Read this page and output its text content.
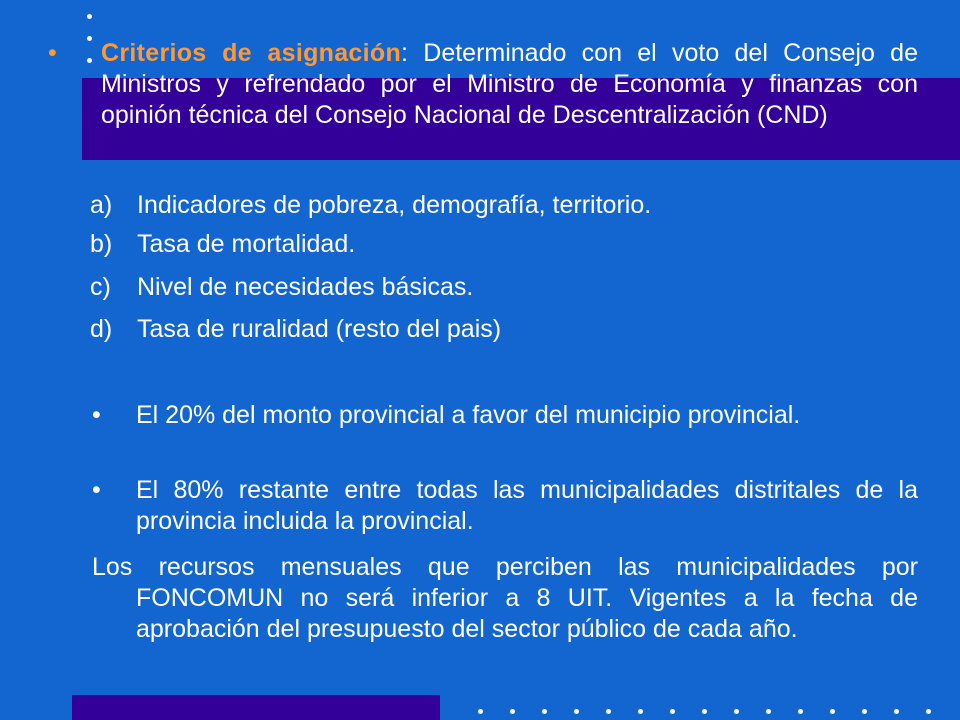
• Criterios de asignación: Determinado con el voto del Consejo de Ministros y refrendado por el Ministro de Economía y finanzas con opinión técnica del Consejo Nacional de Descentralización (CND)
a) Indicadores de pobreza, demografía, territorio.
b) Tasa de mortalidad.
c) Nivel de necesidades básicas.
d) Tasa de ruralidad (resto del pais)
• El 20% del monto provincial a favor del municipio provincial.
• El 80% restante entre todas las municipalidades distritales de la provincia incluida la provincial.
Los recursos mensuales que perciben las municipalidades por FONCOMUN no será inferior a 8 UIT. Vigentes a la fecha de aprobación del presupuesto del sector público de cada año.
